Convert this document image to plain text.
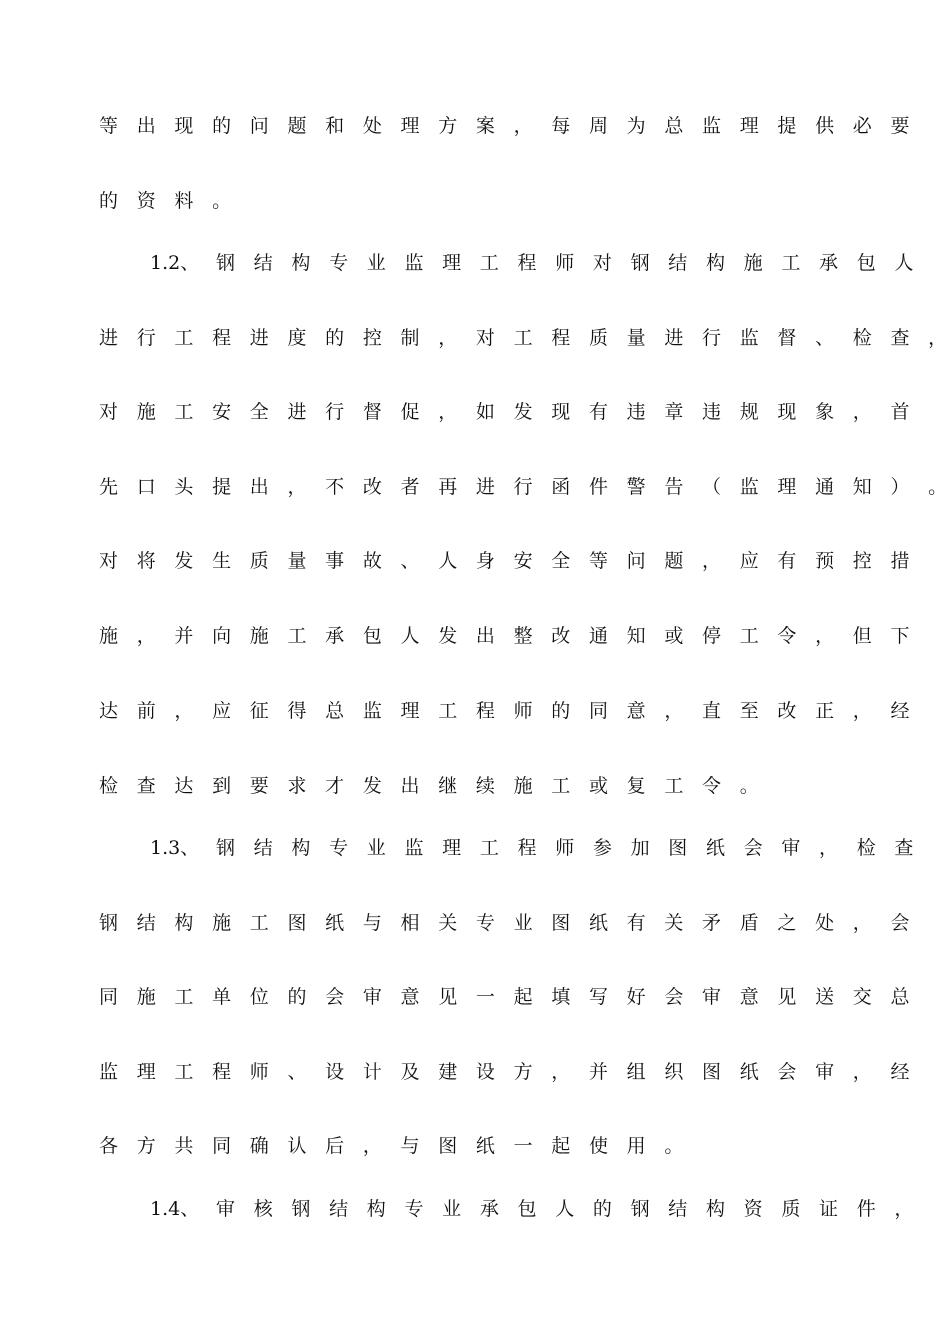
等 出 现 的 问 题 和 处 理 方 案 ， 每 周 为 总 监 理 提 供 必 要
的 资 料 。
1.2、 钢 结 构 专 业 监 理 工 程 师 对 钢 结 构 施 工 承 包 人
进 行 工 程 进 度 的 控 制 ， 对 工 程 质 量 进 行 监 督 、 检 查 ，
对 施 工 安 全 进 行 督 促 ， 如 发 现 有 违 章 违 规 现 象 ， 首
先 口 头 提 出 ， 不 改 者 再 进 行 函 件 警 告 （ 监 理 通 知 ） 。
对 将 发 生 质 量 事 故 、 人 身 安 全 等 问 题 ， 应 有 预 控 措
施 ， 并 向 施 工 承 包 人 发 出 整 改 通 知 或 停 工 令 ， 但 下
达 前 ， 应 征 得 总 监 理 工 程 师 的 同 意 ， 直 至 改 正 ， 经
检 查 达 到 要 求 才 发 出 继 续 施 工 或 复 工 令 。
1.3、 钢 结 构 专 业 监 理 工 程 师 参 加 图 纸 会 审 ， 检 查
钢 结 构 施 工 图 纸 与 相 关 专 业 图 纸 有 关 矛 盾 之 处 ， 会
同 施 工 单 位 的 会 审 意 见 一 起 填 写 好 会 审 意 见 送 交 总
监 理 工 程 师 、 设 计 及 建 设 方 ， 并 组 织 图 纸 会 审 ， 经
各 方 共 同 确 认 后 ， 与 图 纸 一 起 使 用 。
1.4、 审 核 钢 结 构 专 业 承 包 人 的 钢 结 构 资 质 证 件 ，
